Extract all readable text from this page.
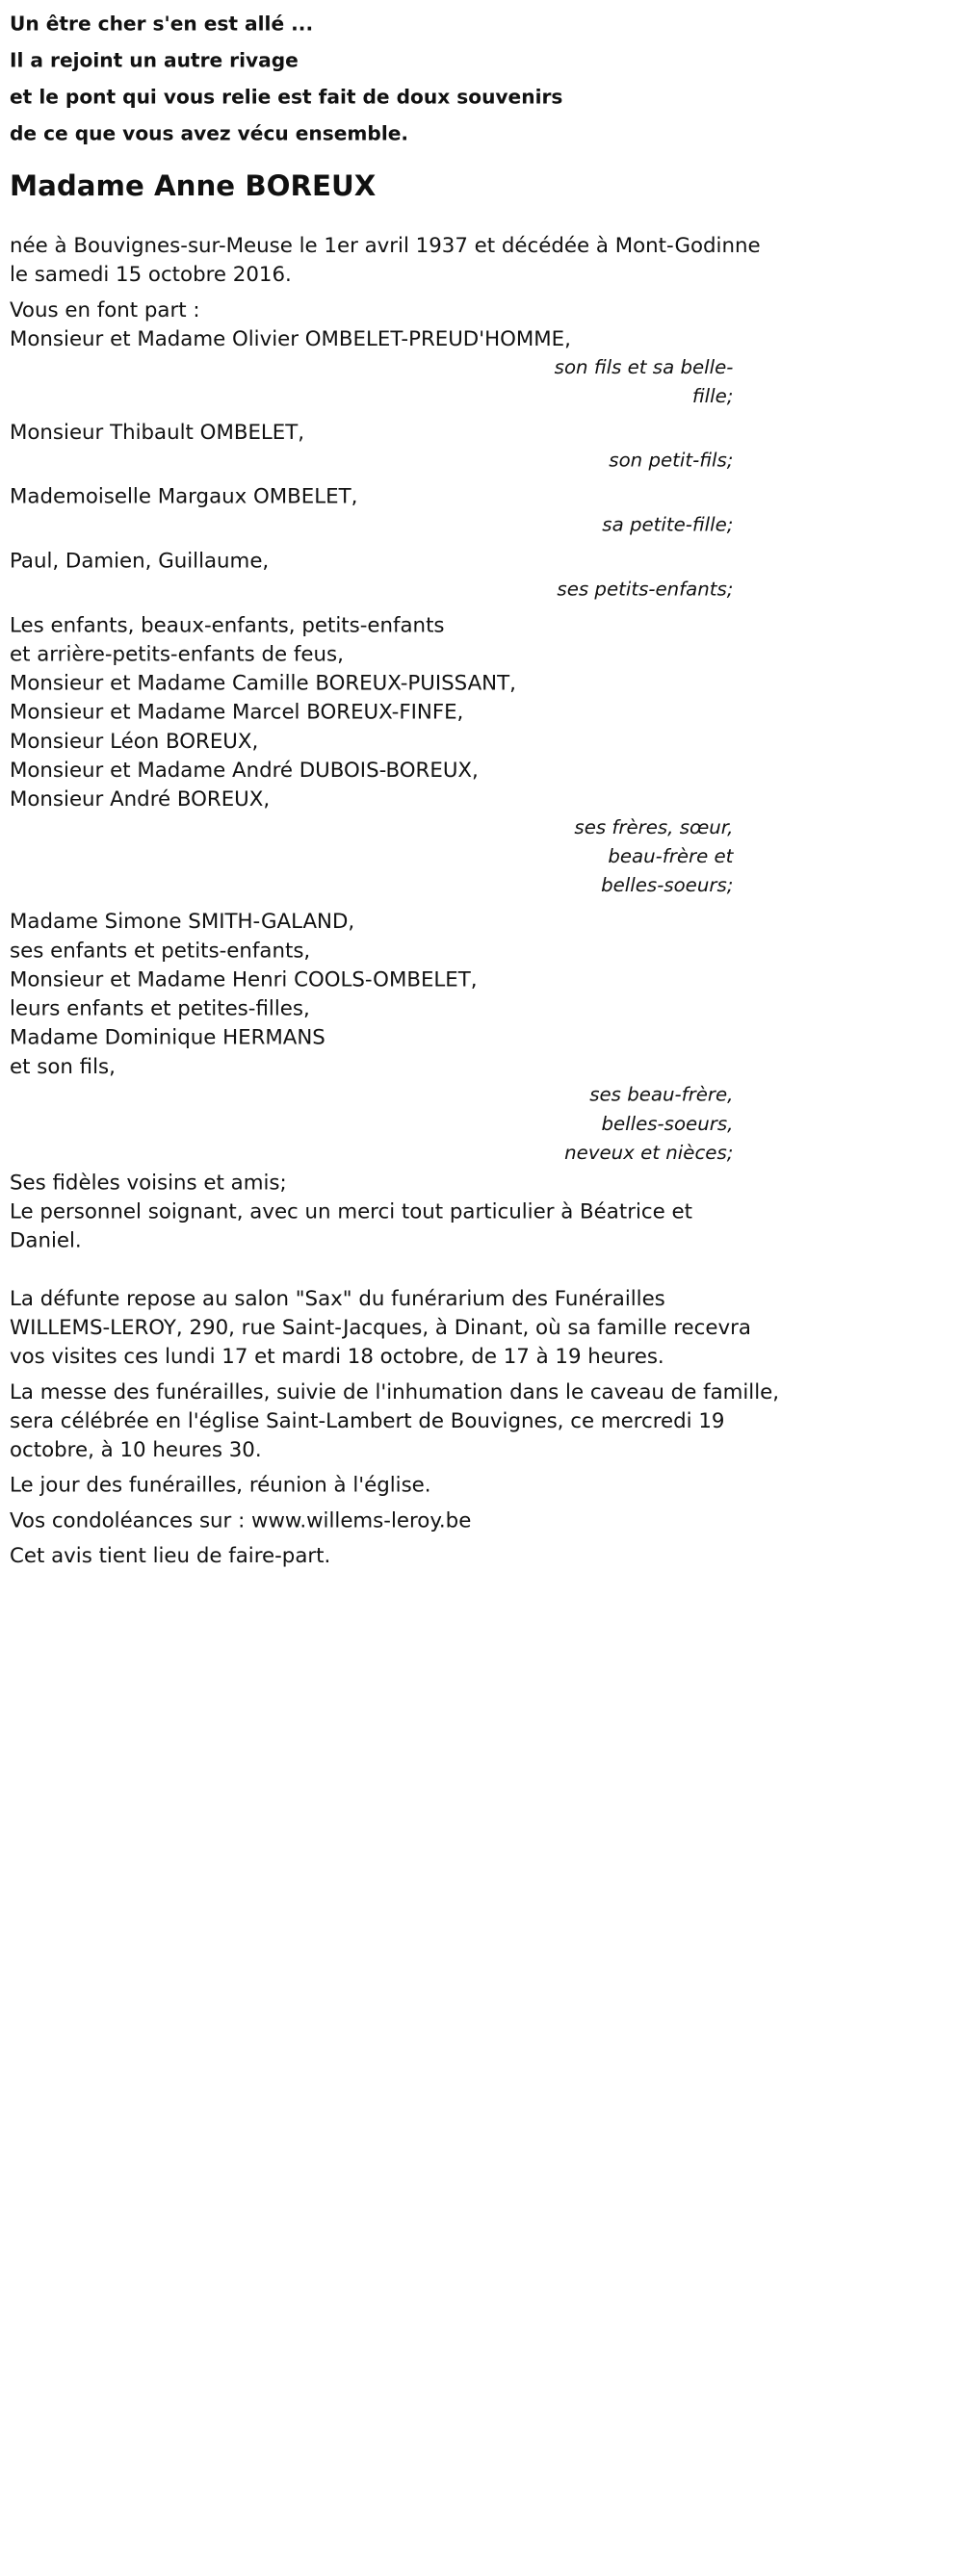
Un être cher s'en est allé ...
Il a rejoint un autre rivage
et le pont qui vous relie est fait de doux souvenirs
de ce que vous avez vécu ensemble.
Madame Anne BOREUX
née à Bouvignes-sur-Meuse le 1er avril 1937 et décédée à Mont-Godinne
le samedi 15 octobre 2016.
Vous en font part :
Monsieur et Madame Olivier OMBELET-PREUD'HOMME,
son fils et sa belle-
fille;
Monsieur Thibault OMBELET,
son petit-fils;
Mademoiselle Margaux OMBELET,
sa petite-fille;
Paul, Damien, Guillaume,
ses petits-enfants;
Les enfants, beaux-enfants, petits-enfants
et arrière-petits-enfants de feus,
Monsieur et Madame Camille BOREUX-PUISSANT,
Monsieur et Madame Marcel BOREUX-FINFE,
Monsieur Léon BOREUX,
Monsieur et Madame André DUBOIS-BOREUX,
Monsieur André BOREUX,
ses frères, sœur,
beau-frère et
belles-soeurs;
Madame Simone SMITH-GALAND,
ses enfants et petits-enfants,
Monsieur et Madame Henri COOLS-OMBELET,
leurs enfants et petites-filles,
Madame Dominique HERMANS
et son fils,
ses beau-frère,
belles-soeurs,
neveux et nièces;
Ses fidèles voisins et amis;
Le personnel soignant, avec un merci tout particulier à Béatrice et
Daniel.
La défunte repose au salon "Sax" du funérarium des Funérailles
WILLEMS-LEROY, 290, rue Saint-Jacques, à Dinant, où sa famille recevra
vos visites ces lundi 17 et mardi 18 octobre, de 17 à 19 heures.
La messe des funérailles, suivie de l'inhumation dans le caveau de famille,
sera célébrée en l'église Saint-Lambert de Bouvignes, ce mercredi 19
octobre, à 10 heures 30.
Le jour des funérailles, réunion à l'église.
Vos condoléances sur : www.willems-leroy.be
Cet avis tient lieu de faire-part.
